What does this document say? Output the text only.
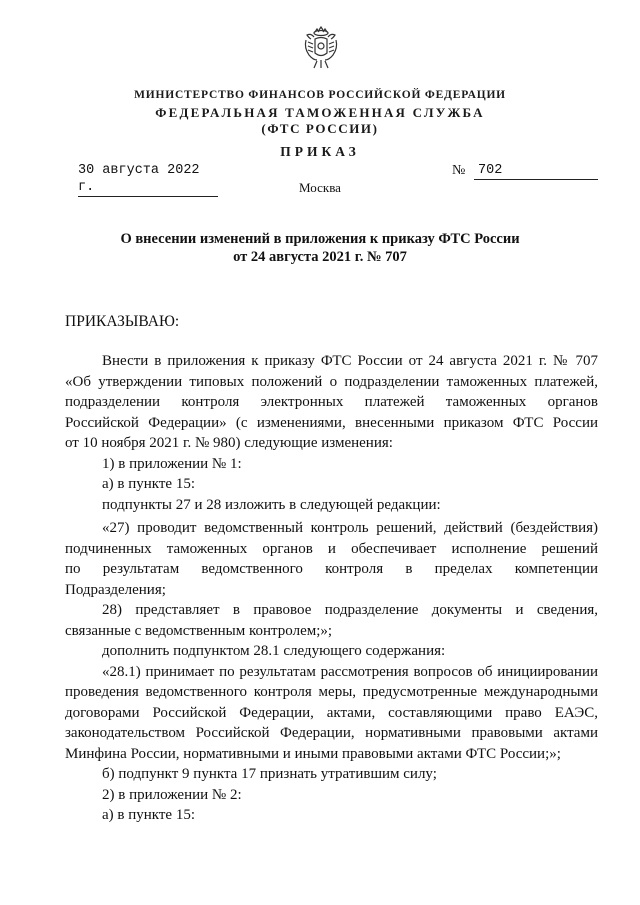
МИНИСТЕРСТВО ФИНАНСОВ РОССИЙСКОЙ ФЕДЕРАЦИИ
ФЕДЕРАЛЬНАЯ ТАМОЖЕННАЯ СЛУЖБА
(ФТС РОССИИ)
ПРИКАЗ
30 августа 2022 г.
№ 702
Москва
О внесении изменений в приложения к приказу ФТС России
от 24 августа 2021 г. № 707
ПРИКАЗЫВАЮ:

Внести в приложения к приказу ФТС России от 24 августа 2021 г. № 707

«Об утверждении типовых положений о подразделении таможенных платежей,

подразделении контроля электронных платежей таможенных органов

Российской Федерации» (с изменениями, внесенными приказом ФТС России

от 10 ноября 2021 г. № 980) следующие изменения:

1) в приложении № 1:

а) в пункте 15:

подпункты 27 и 28 изложить в следующей редакции:

«27) проводит ведомственный контроль решений, действий (бездействия)

подчиненных таможенных органов и обеспечивает исполнение решений

по результатам ведомственного контроля в пределах компетенции

Подразделения;

28) представляет в правовое подразделение документы и сведения,

связанные с ведомственным контролем;»;

дополнить подпунктом 28.1 следующего содержания:

«28.1) принимает по результатам рассмотрения вопросов об инициировании

проведения ведомственного контроля меры, предусмотренные международными

договорами Российской Федерации, актами, составляющими право ЕАЭС,

законодательством Российской Федерации, нормативными правовыми актами

Минфина России, нормативными и иными правовыми актами ФТС России;»;

б) подпункт 9 пункта 17 признать утратившим силу;

2) в приложении № 2:

а) в пункте 15:
